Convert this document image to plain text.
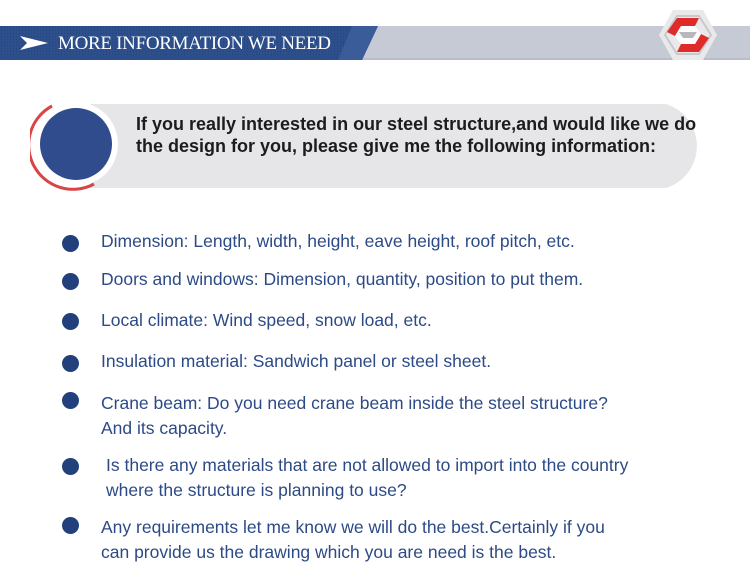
MORE INFORMATION WE NEED
If you really interested in our steel structure,and would like we do the design for you, please give me the following information:
Dimension: Length, width, height, eave height, roof pitch, etc.
Doors and windows: Dimension, quantity, position to put them.
Local climate: Wind speed, snow load, etc.
Insulation material: Sandwich panel or steel sheet.
Crane beam: Do you need crane beam inside the steel structure?
And its capacity.
Is there any materials that are not allowed to import into the country
where the structure is planning to use?
Any requirements let me know we will do the best.Certainly if you
can provide us the drawing which you are need is the best.
